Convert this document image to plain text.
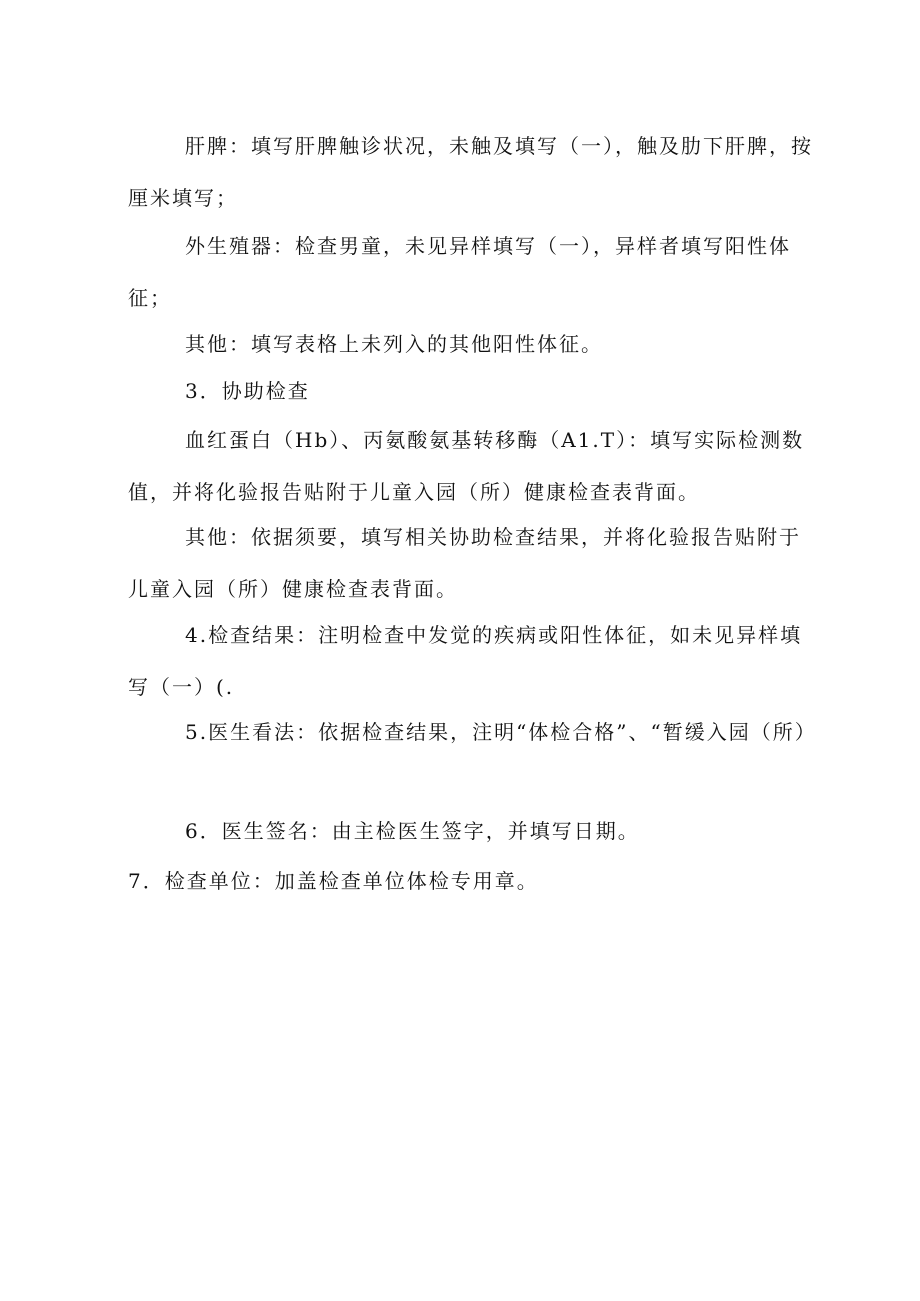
肝脾：填写肝脾触诊状况，未触及填写（一），触及肋下肝脾，按厘米填写；

外生殖器：检查男童，未见异样填写（一），异样者填写阳性体征；

其他：填写表格上未列入的其他阳性体征。

3．协助检查

血红蛋白（Hb）、丙氨酸氨基转移酶（A1.T）：填写实际检测数值，并将化验报告贴附于儿童入园（所）健康检查表背面。

其他：依据须要，填写相关协助检查结果，并将化验报告贴附于儿童入园（所）健康检查表背面。

4.检查结果：注明检查中发觉的疾病或阳性体征，如未见异样填写（一）(.

5.医生看法：依据检查结果，注明“体检合格”、“暂缓入园（所）

6．医生签名：由主检医生签字，并填写日期。

7．检查单位：加盖检查单位体检专用章。
